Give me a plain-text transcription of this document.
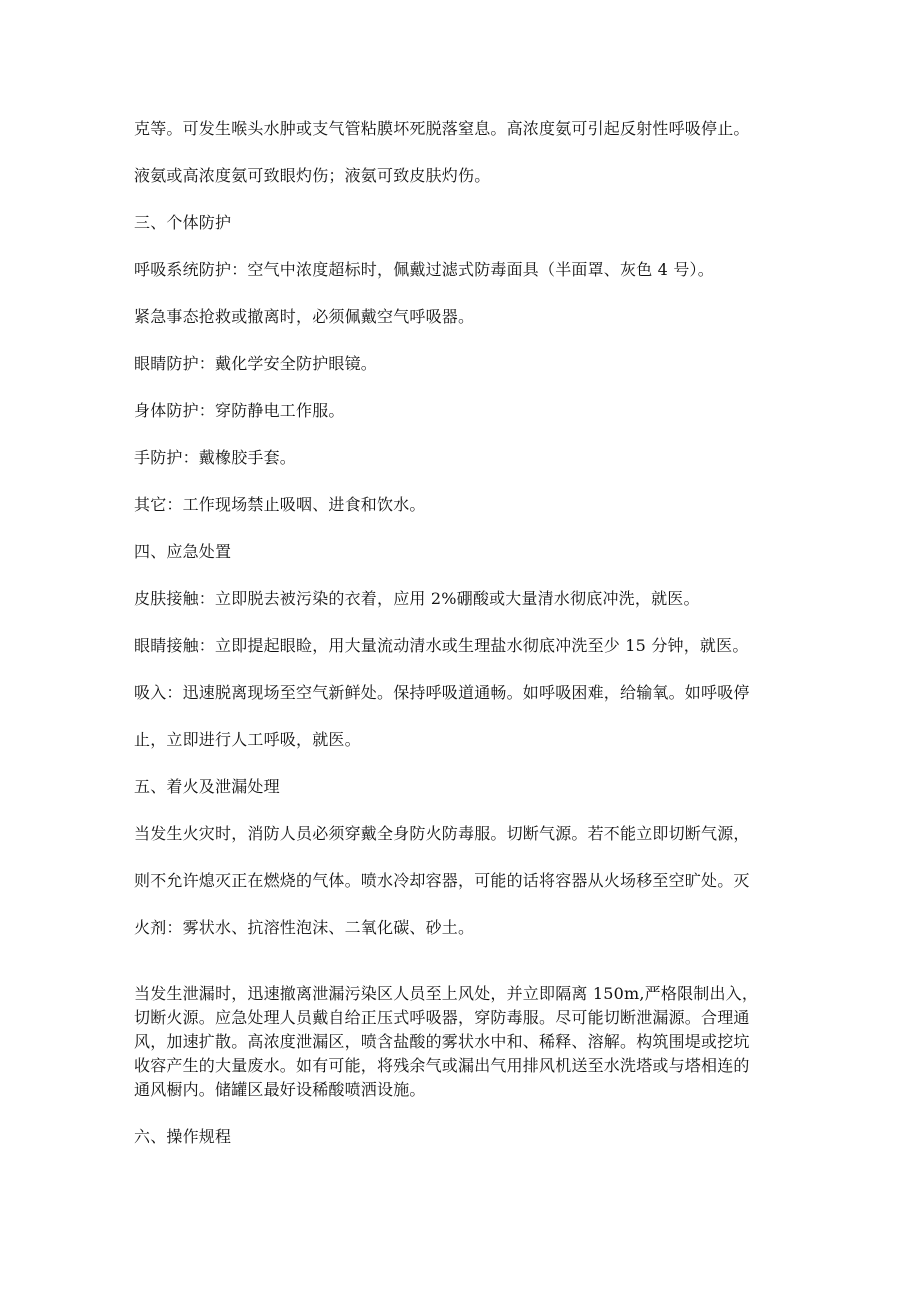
克等。可发生喉头水肿或支气管粘膜坏死脱落窒息。高浓度氨可引起反射性呼吸停止。
液氨或高浓度氨可致眼灼伤；液氨可致皮肤灼伤。
三、个体防护
呼吸系统防护：空气中浓度超标时，佩戴过滤式防毒面具（半面罩、灰色 4 号）。
紧急事态抢救或撤离时，必须佩戴空气呼吸器。
眼睛防护：戴化学安全防护眼镜。
身体防护：穿防静电工作服。
手防护：戴橡胶手套。
其它：工作现场禁止吸咽、进食和饮水。
四、应急处置
皮肤接触：立即脱去被污染的衣着，应用 2%硼酸或大量清水彻底冲洗，就医。
眼睛接触：立即提起眼睑，用大量流动清水或生理盐水彻底冲洗至少 15 分钟，就医。
吸入：迅速脱离现场至空气新鲜处。保持呼吸道通畅。如呼吸困难，给输氧。如呼吸停
止，立即进行人工呼吸，就医。
五、着火及泄漏处理
当发生火灾时，消防人员必须穿戴全身防火防毒服。切断气源。若不能立即切断气源，
则不允许熄灭正在燃烧的气体。喷水冷却容器，可能的话将容器从火场移至空旷处。灭
火剂：雾状水、抗溶性泡沫、二氧化碳、砂土。
当发生泄漏时，迅速撤离泄漏污染区人员至上风处，并立即隔离 150m,严格限制出入，
切断火源。应急处理人员戴自给正压式呼吸器，穿防毒服。尽可能切断泄漏源。合理通
风，加速扩散。高浓度泄漏区，喷含盐酸的雾状水中和、稀释、溶解。构筑围堤或挖坑
收容产生的大量废水。如有可能，将残余气或漏出气用排风机送至水洗塔或与塔相连的
通风橱内。储罐区最好设稀酸喷洒设施。
六、操作规程
